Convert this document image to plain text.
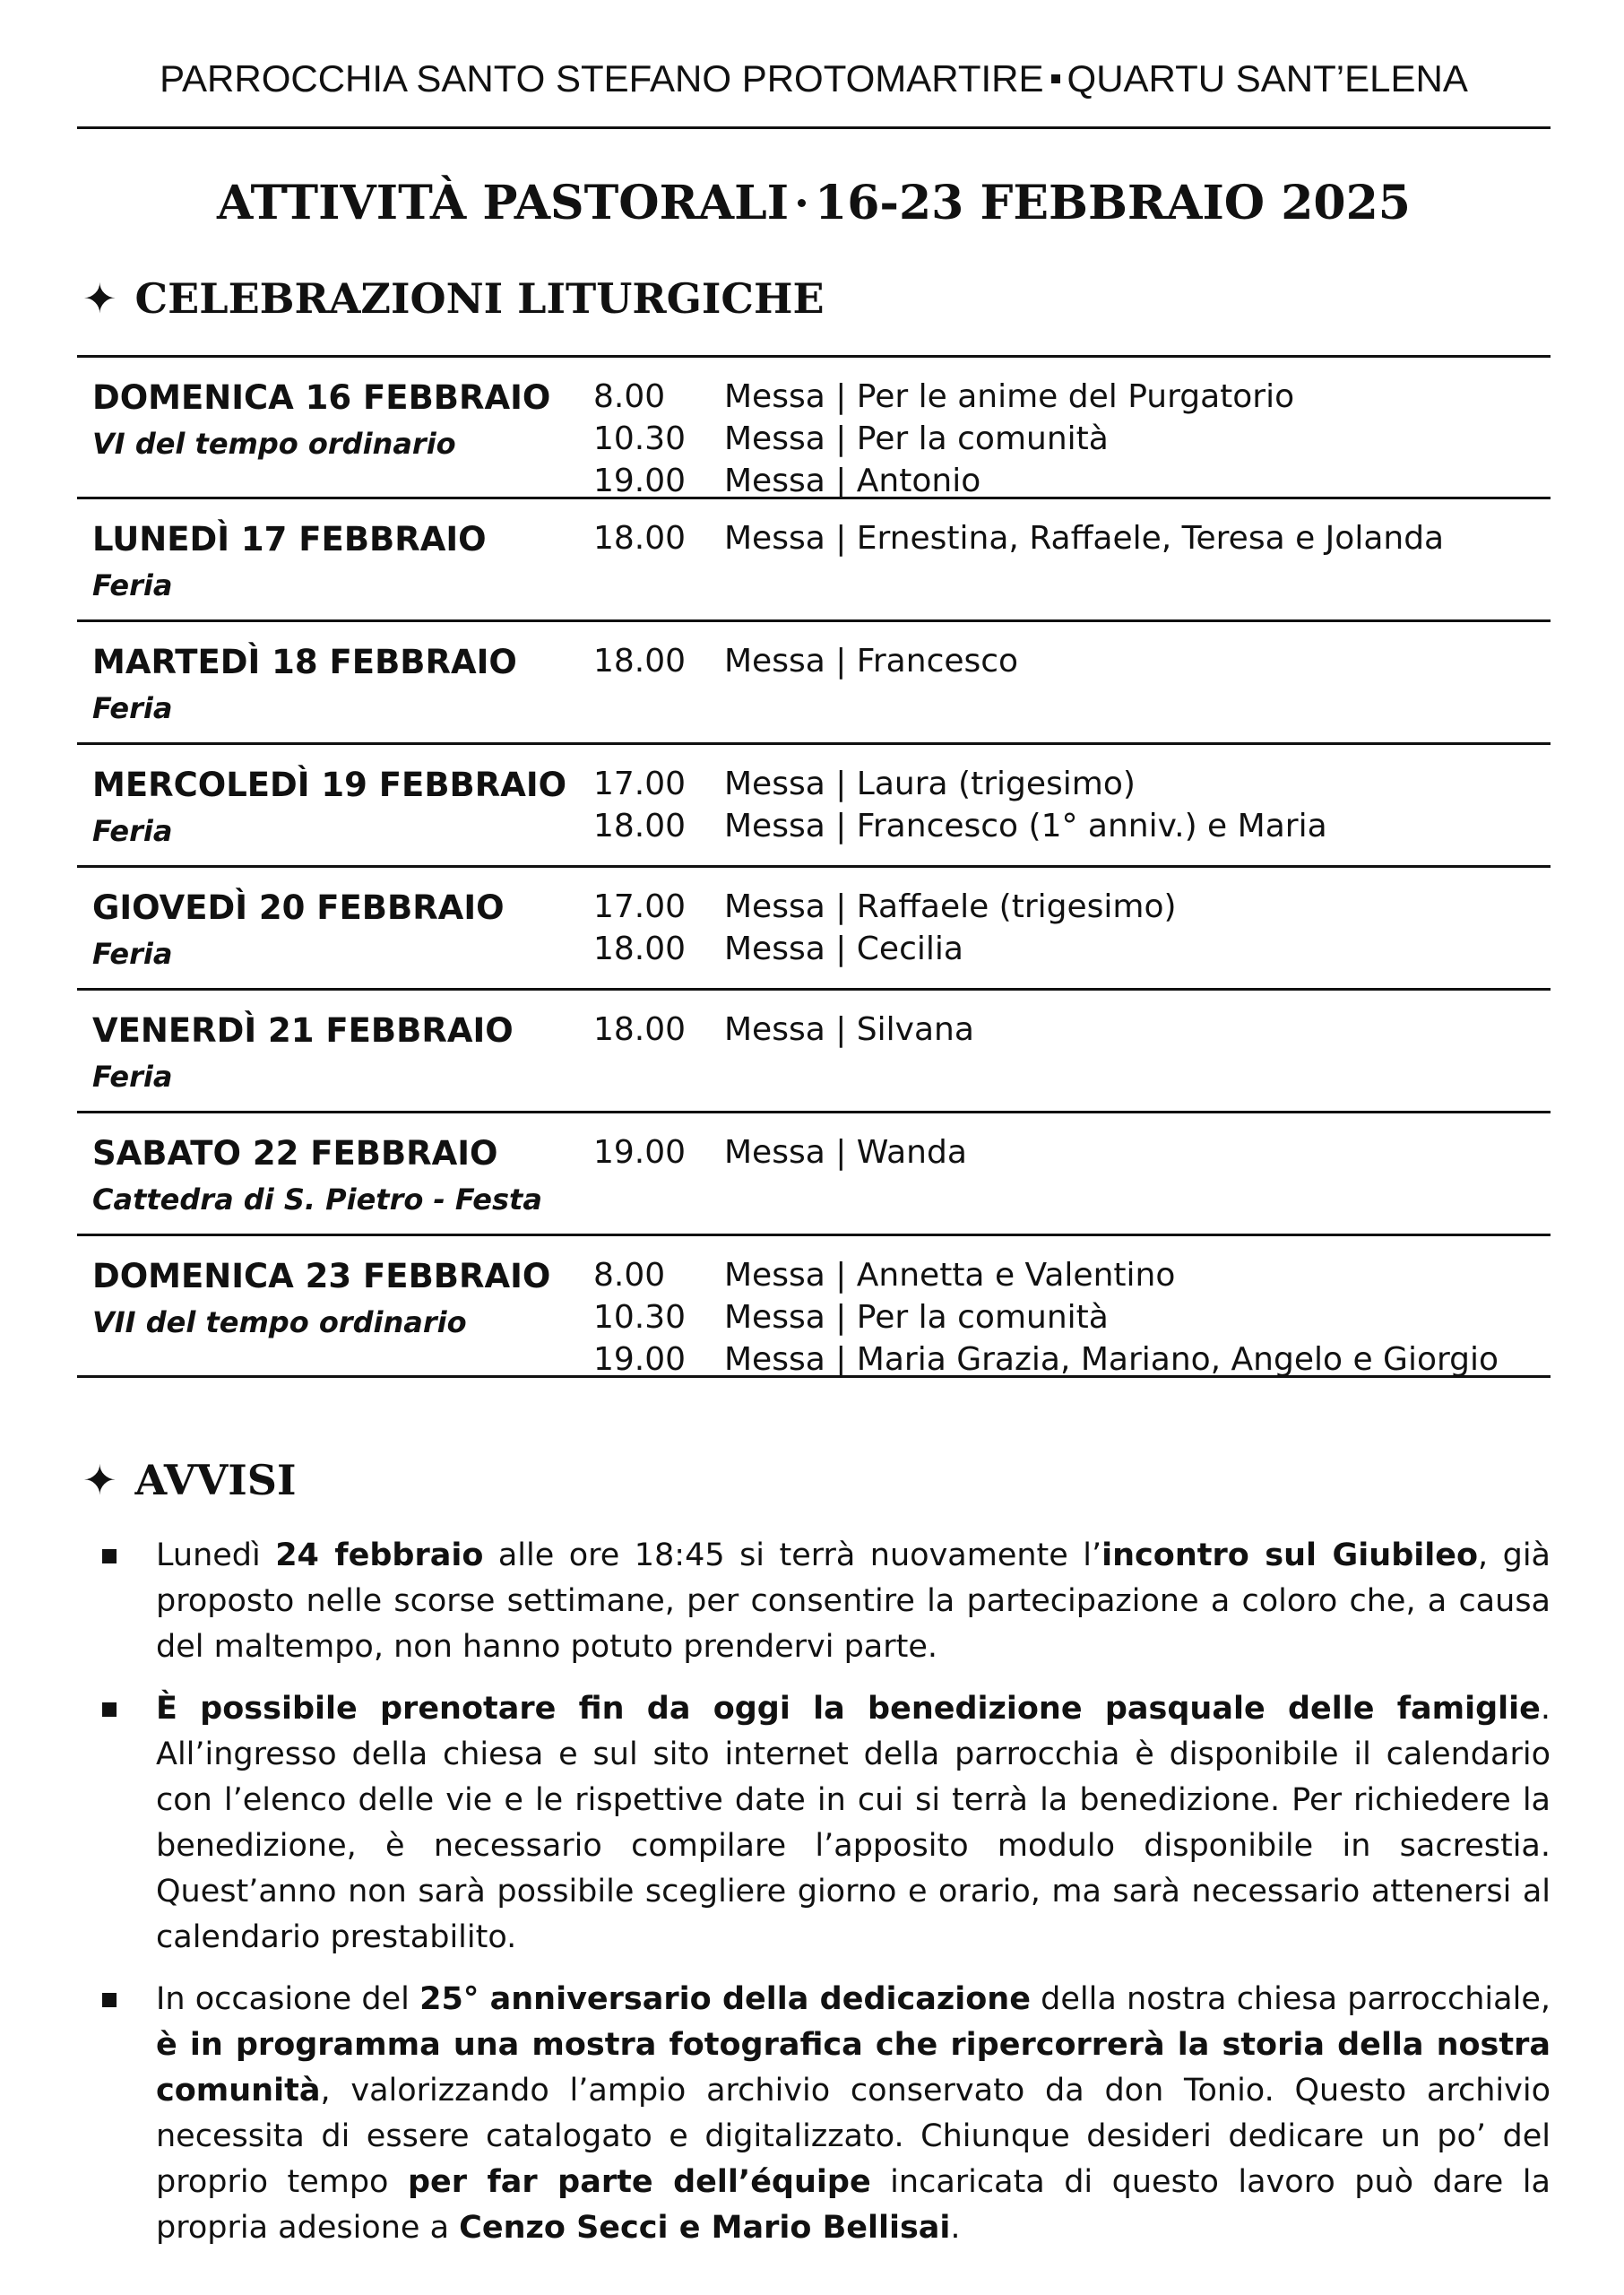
PARROCCHIA SANTO STEFANO PROTOMARTIRE QUARTU SANT’ELENA
ATTIVITÀ PASTORALI 16-23 FEBBRAIO 2025
✦ CELEBRAZIONI LITURGICHE
DOMENICA 16 FEBBRAIO
VI del tempo ordinario
8.00 Messa | Per le anime del Purgatorio
10.30 Messa | Per la comunità
19.00 Messa | Antonio
LUNEDÌ 17 FEBBRAIO
Feria
18.00 Messa | Ernestina, Raffaele, Teresa e Jolanda
MARTEDÌ 18 FEBBRAIO
Feria
18.00 Messa | Francesco
MERCOLEDÌ 19 FEBBRAIO
Feria
17.00 Messa | Laura (trigesimo)
18.00 Messa | Francesco (1° anniv.) e Maria
GIOVEDÌ 20 FEBBRAIO
Feria
17.00 Messa | Raffaele (trigesimo)
18.00 Messa | Cecilia
VENERDÌ 21 FEBBRAIO
Feria
18.00 Messa | Silvana
SABATO 22 FEBBRAIO
Cattedra di S. Pietro - Festa
19.00 Messa | Wanda
DOMENICA 23 FEBBRAIO
VII del tempo ordinario
8.00 Messa | Annetta e Valentino
10.30 Messa | Per la comunità
19.00 Messa | Maria Grazia, Mariano, Angelo e Giorgio
✦ AVVISI
Lunedì 24 febbraio alle ore 18:45 si terrà nuovamente l’incontro sul Giubileo, già proposto nelle scorse settimane, per consentire la partecipazione a coloro che, a causa del maltempo, non hanno potuto prendervi parte.
È possibile prenotare fin da oggi la benedizione pasquale delle famiglie. All’ingresso della chiesa e sul sito internet della parrocchia è disponibile il calendario con l’elenco delle vie e le rispettive date in cui si terrà la benedizione. Per richiedere la benedizione, è necessario compilare l’apposito modulo disponibile in sacrestia. Quest’anno non sarà possibile scegliere giorno e orario, ma sarà necessario attenersi al calendario prestabilito.
In occasione del 25° anniversario della dedicazione della nostra chiesa parrocchiale, è in programma una mostra fotografica che ripercorrerà la storia della nostra comunità, valorizzando l’ampio archivio conservato da don Tonio. Questo archivio necessita di essere catalogato e digitalizzato. Chiunque desideri dedicare un po’ del proprio tempo per far parte dell’équipe incaricata di questo lavoro può dare la propria adesione a Cenzo Secci e Mario Bellisai.
